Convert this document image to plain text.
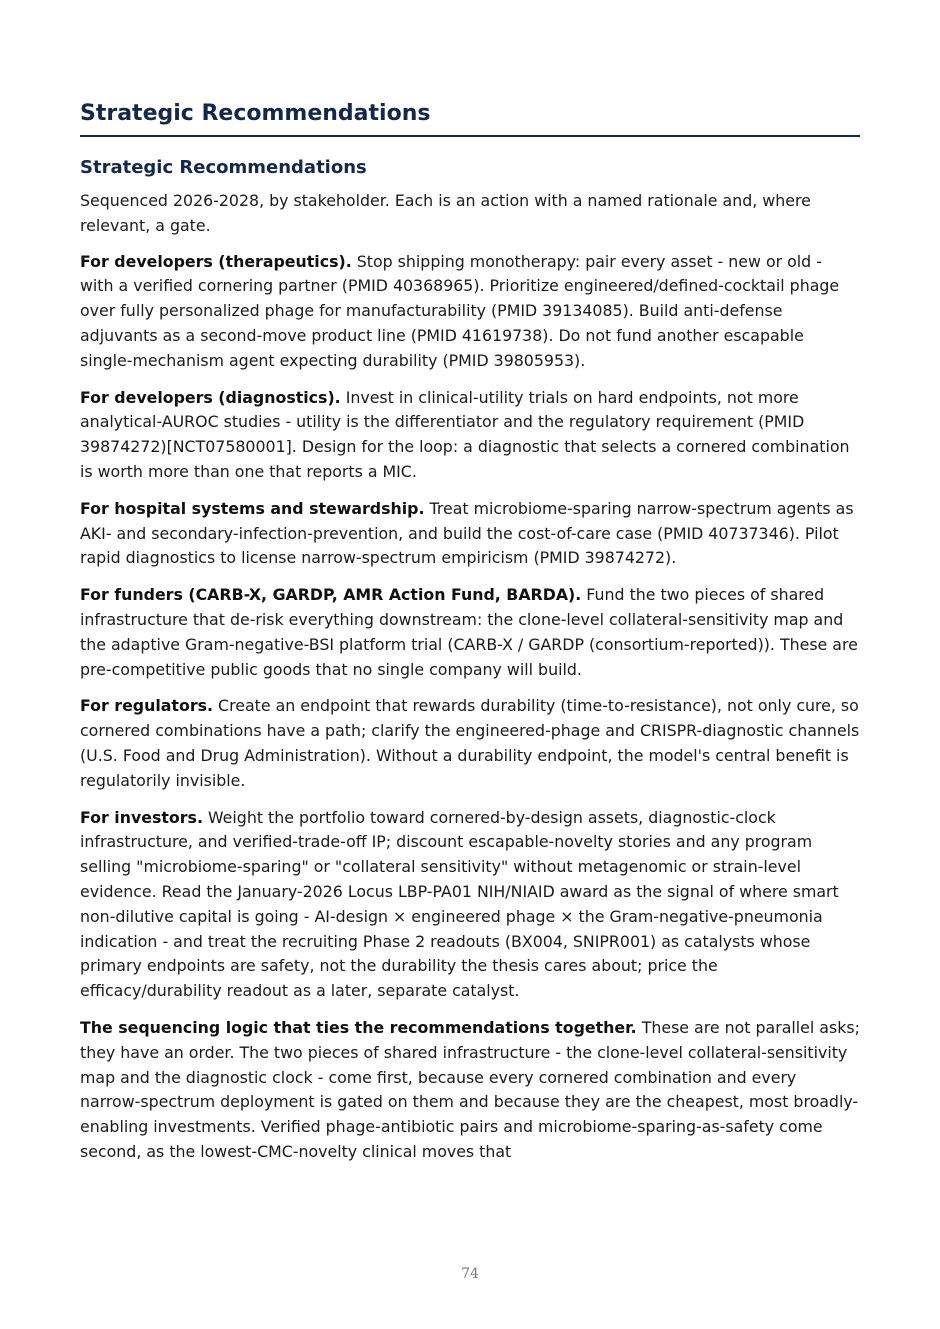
Strategic Recommendations
Strategic Recommendations

Sequenced 2026-2028, by stakeholder. Each is an action with a named rationale and, where relevant, a gate.

For developers (therapeutics). Stop shipping monotherapy: pair every asset - new or old - with a verified cornering partner (PMID 40368965). Prioritize engineered/defined-cocktail phage over fully personalized phage for manufacturability (PMID 39134085). Build anti-defense adjuvants as a second-move product line (PMID 41619738). Do not fund another escapable single-mechanism agent expecting durability (PMID 39805953).

For developers (diagnostics). Invest in clinical-utility trials on hard endpoints, not more analytical-AUROC studies - utility is the differentiator and the regulatory requirement (PMID 39874272)[NCT07580001]. Design for the loop: a diagnostic that selects a cornered combination is worth more than one that reports a MIC.

For hospital systems and stewardship. Treat microbiome-sparing narrow-spectrum agents as AKI- and secondary-infection-prevention, and build the cost-of-care case (PMID 40737346). Pilot rapid diagnostics to license narrow-spectrum empiricism (PMID 39874272).

For funders (CARB-X, GARDP, AMR Action Fund, BARDA). Fund the two pieces of shared infrastructure that de-risk everything downstream: the clone-level collateral-sensitivity map and the adaptive Gram-negative-BSI platform trial (CARB-X / GARDP (consortium-reported)). These are pre-competitive public goods that no single company will build.

For regulators. Create an endpoint that rewards durability (time-to-resistance), not only cure, so cornered combinations have a path; clarify the engineered-phage and CRISPR-diagnostic channels (U.S. Food and Drug Administration). Without a durability endpoint, the model's central benefit is regulatorily invisible.

For investors. Weight the portfolio toward cornered-by-design assets, diagnostic-clock infrastructure, and verified-trade-off IP; discount escapable-novelty stories and any program selling "microbiome-sparing" or "collateral sensitivity" without metagenomic or strain-level evidence. Read the January-2026 Locus LBP-PA01 NIH/NIAID award as the signal of where smart non-dilutive capital is going - AI-design × engineered phage × the Gram-negative-pneumonia indication - and treat the recruiting Phase 2 readouts (BX004, SNIPR001) as catalysts whose primary endpoints are safety, not the durability the thesis cares about; price the efficacy/durability readout as a later, separate catalyst.

The sequencing logic that ties the recommendations together. These are not parallel asks; they have an order. The two pieces of shared infrastructure - the clone-level collateral-sensitivity map and the diagnostic clock - come first, because every cornered combination and every narrow-spectrum deployment is gated on them and because they are the cheapest, most broadly-enabling investments. Verified phage-antibiotic pairs and microbiome-sparing-as-safety come second, as the lowest-CMC-novelty clinical moves that

74
